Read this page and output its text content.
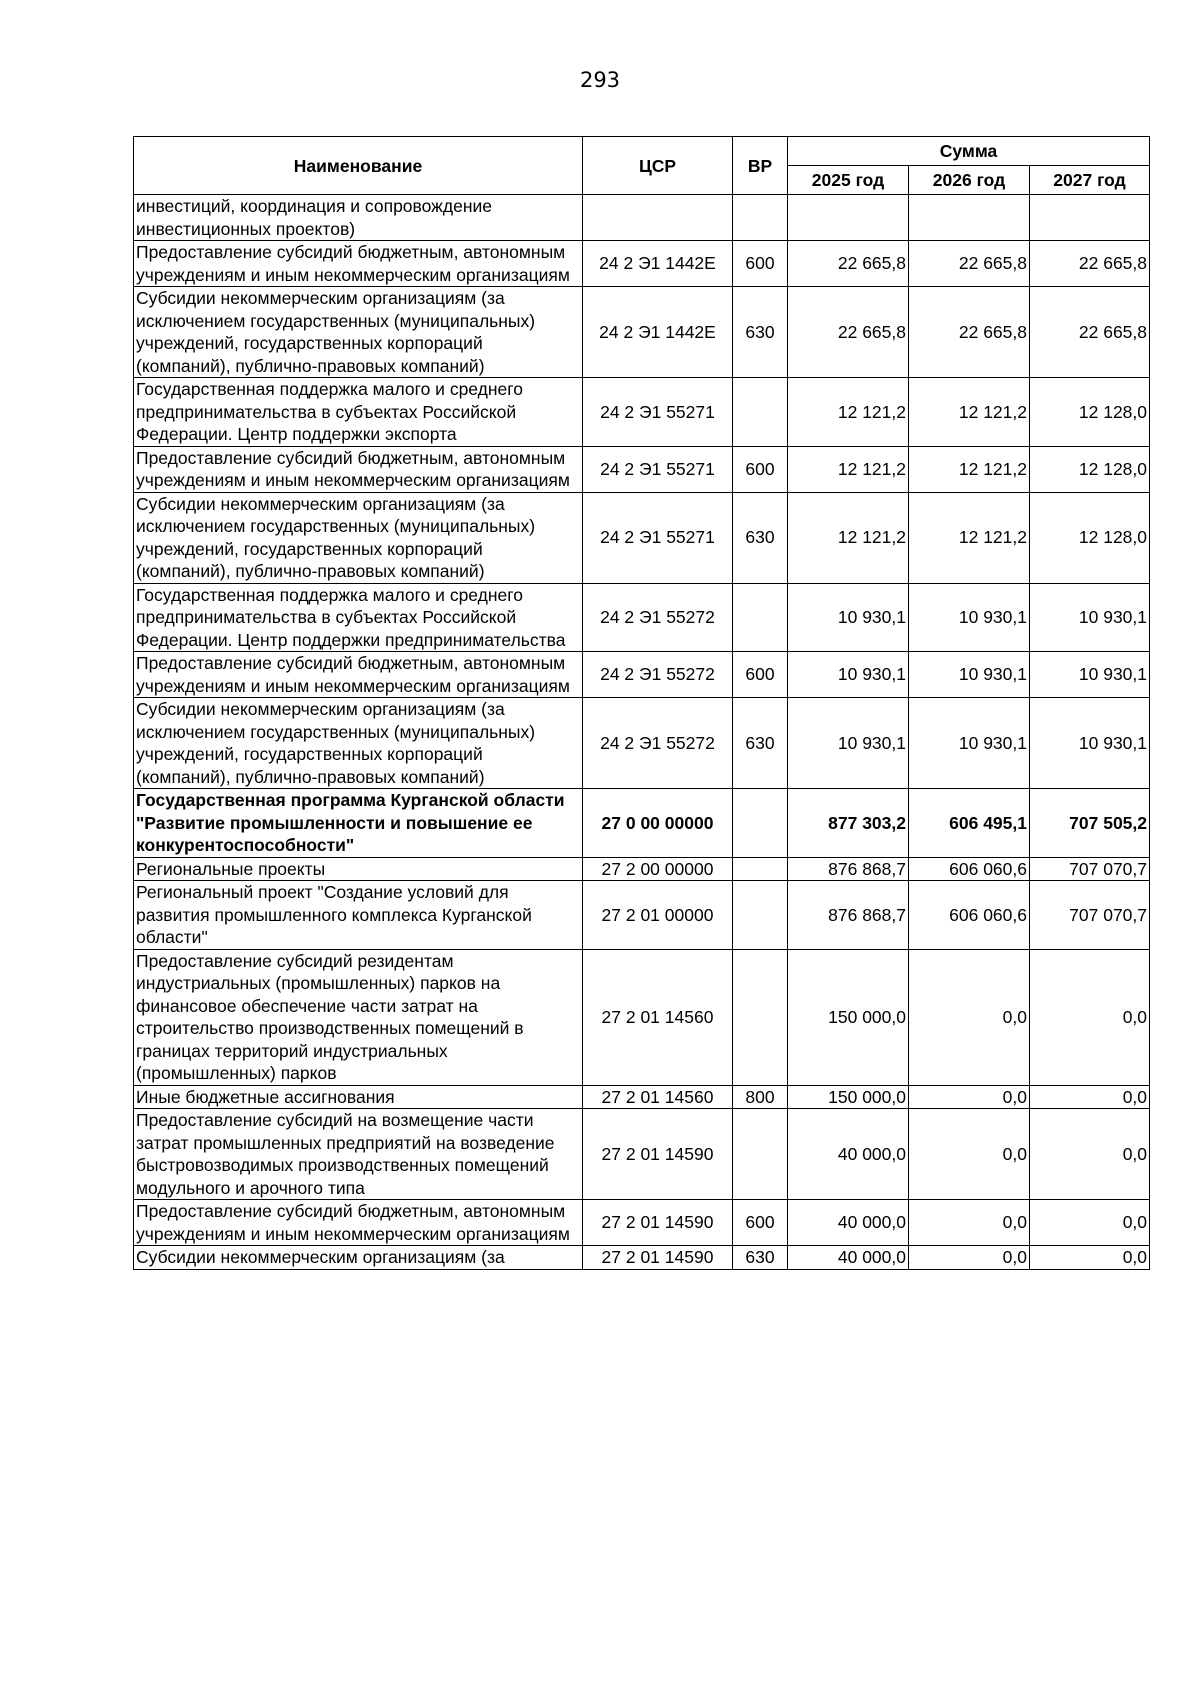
293
Наименование	ЦСР	ВР	Сумма		
			2025 год	2026 год	2027 год
инвестиций, координация и сопровождение инвестиционных проектов)					
Предоставление субсидий бюджетным, автономным учреждениям и иным некоммерческим организациям	24 2 Э1 1442Е	600	22 665,8	22 665,8	22 665,8
Субсидии некоммерческим организациям (за исключением государственных (муниципальных) учреждений, государственных корпораций (компаний), публично-правовых компаний)	24 2 Э1 1442Е	630	22 665,8	22 665,8	22 665,8
Государственная поддержка малого и среднего предпринимательства в субъектах Российской Федерации. Центр поддержки экспорта	24 2 Э1 55271		12 121,2	12 121,2	12 128,0
Предоставление субсидий бюджетным, автономным учреждениям и иным некоммерческим организациям	24 2 Э1 55271	600	12 121,2	12 121,2	12 128,0
Субсидии некоммерческим организациям (за исключением государственных (муниципальных) учреждений, государственных корпораций (компаний), публично-правовых компаний)	24 2 Э1 55271	630	12 121,2	12 121,2	12 128,0
Государственная поддержка малого и среднего предпринимательства в субъектах Российской Федерации. Центр поддержки предпринимательства	24 2 Э1 55272		10 930,1	10 930,1	10 930,1
Предоставление субсидий бюджетным, автономным учреждениям и иным некоммерческим организациям	24 2 Э1 55272	600	10 930,1	10 930,1	10 930,1
Субсидии некоммерческим организациям (за исключением государственных (муниципальных) учреждений, государственных корпораций (компаний), публично-правовых компаний)	24 2 Э1 55272	630	10 930,1	10 930,1	10 930,1
Государственная программа Курганской области "Развитие промышленности и повышение ее конкурентоспособности"	27 0 00 00000		877 303,2	606 495,1	707 505,2
Региональные проекты	27 2 00 00000		876 868,7	606 060,6	707 070,7
Региональный проект "Создание условий для развития промышленного комплекса Курганской области"	27 2 01 00000		876 868,7	606 060,6	707 070,7
Предоставление субсидий резидентам индустриальных (промышленных) парков на финансовое обеспечение части затрат на строительство производственных помещений в границах территорий индустриальных (промышленных) парков	27 2 01 14560		150 000,0	0,0	0,0
Иные бюджетные ассигнования	27 2 01 14560	800	150 000,0	0,0	0,0
Предоставление субсидий на возмещение части затрат промышленных предприятий на возведение быстровозводимых производственных помещений модульного и арочного типа	27 2 01 14590		40 000,0	0,0	0,0
Предоставление субсидий бюджетным, автономным учреждениям и иным некоммерческим организациям	27 2 01 14590	600	40 000,0	0,0	0,0
Субсидии некоммерческим организациям (за	27 2 01 14590	630	40 000,0	0,0	0,0
